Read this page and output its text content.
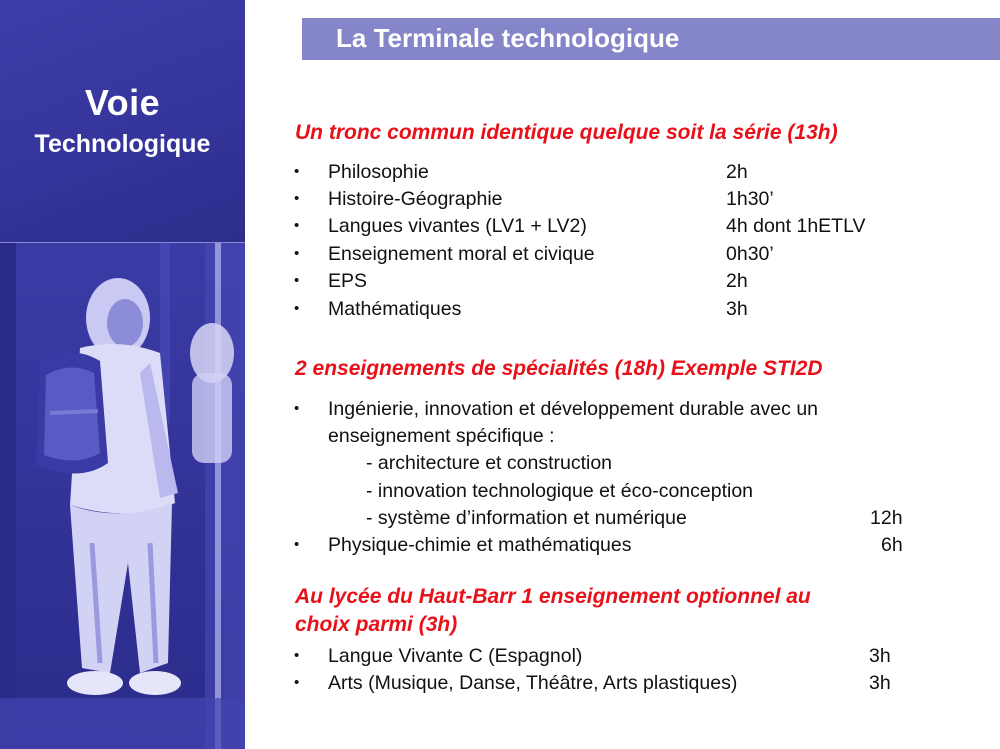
Voie
Technologique
La Terminale technologique
Un tronc commun identique quelque soit la série (13h)
• Philosophie	2h
• Histoire-Géographie	1h30’
• Langues vivantes (LV1 + LV2)	4h dont 1hETLV
• Enseignement moral et civique	0h30’
• EPS	2h
• Mathématiques	3h
2 enseignements de spécialités (18h) Exemple STI2D
• Ingénierie, innovation et développement durable avec un
enseignement spécifique :
- architecture et construction
- innovation technologique et éco-conception
- système d’information et numérique	12h
• Physique-chimie et mathématiques	6h
Au lycée du Haut-Barr 1 enseignement optionnel au
choix parmi (3h)
• Langue Vivante C (Espagnol)	3h
• Arts (Musique, Danse, Théâtre, Arts plastiques)	3h
